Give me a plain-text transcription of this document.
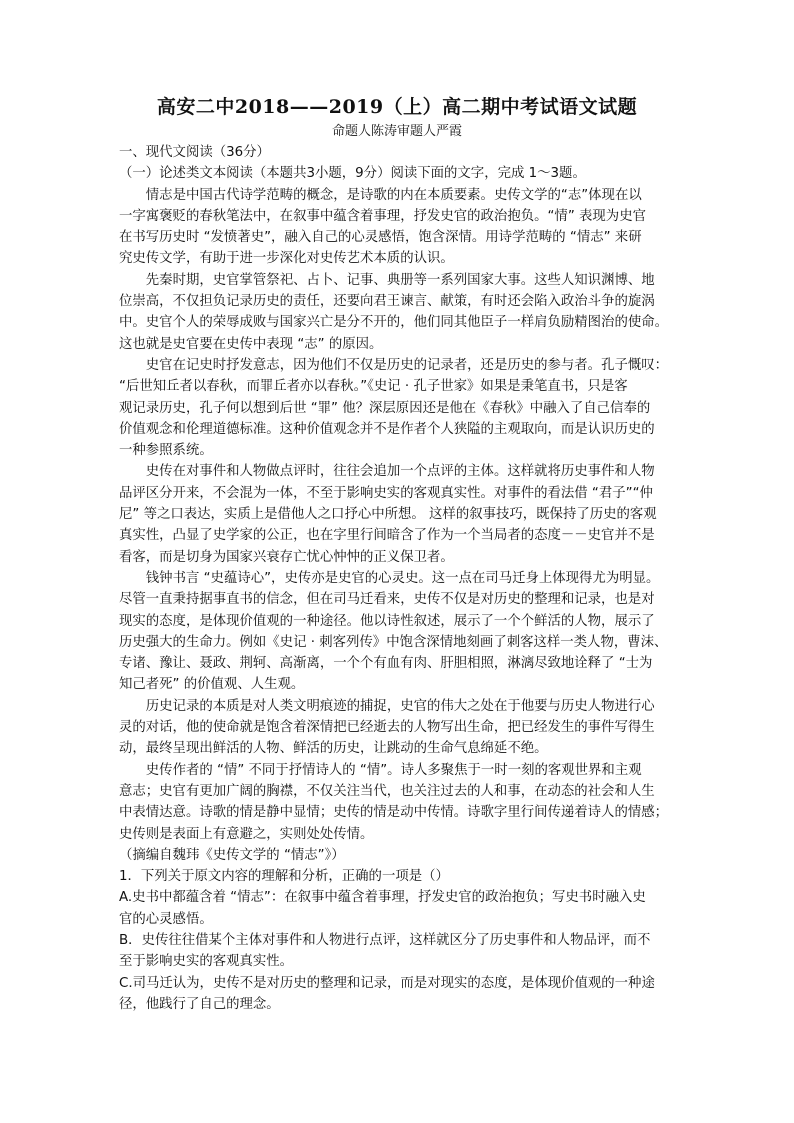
高安二中2018——2019（上）高二期中考试语文试题
命题人陈涛审题人严霞
一、现代文阅读（36分）
（一）论述类文本阅读（本题共3小题，9分）阅读下面的文字，完成 1～3题。
情志是中国古代诗学范畴的概念，是诗歌的内在本质要素。史传文学的“志”体现在以
一字寓褒贬的春秋笔法中，在叙事中蕴含着事理，抒发史官的政治抱负。“情” 表现为史官
在书写历史时 “发愤著史”，融入自己的心灵感悟，饱含深情。用诗学范畴的 “情志” 来研
究史传文学，有助于进一步深化对史传艺术本质的认识。
先秦时期，史官掌管祭祀、占卜、记事、典册等一系列国家大事。这些人知识渊博、地
位崇高，不仅担负记录历史的责任，还要向君王谏言、献策，有时还会陷入政治斗争的旋涡
中。史官个人的荣辱成败与国家兴亡是分不开的，他们同其他臣子一样肩负励精图治的使命。
这也就是史官要在史传中表现 “志” 的原因。
史官在记史时抒发意志，因为他们不仅是历史的记录者，还是历史的参与者。孔子慨叹：
“后世知丘者以春秋，而罪丘者亦以春秋。”《史记 · 孔子世家》如果是秉笔直书，只是客
观记录历史，孔子何以想到后世 “罪” 他？深层原因还是他在《春秋》中融入了自己信奉的
价值观念和伦理道德标准。这种价值观念并不是作者个人狭隘的主观取向，而是认识历史的
一种参照系统。
史传在对事件和人物做点评时，往往会追加一个点评的主体。这样就将历史事件和人物
品评区分开来，不会混为一体，不至于影响史实的客观真实性。对事件的看法借 “君子”“仲
尼” 等之口表达，实质上是借他人之口抒心中所想。 这样的叙事技巧，既保持了历史的客观
真实性，凸显了史学家的公正，也在字里行间暗含了作为一个当局者的态度－－史官并不是
看客，而是切身为国家兴衰存亡忧心忡忡的正义保卫者。
钱钟书言 “史蕴诗心”，史传亦是史官的心灵史。这一点在司马迁身上体现得尤为明显。
尽管一直秉持据事直书的信念，但在司马迁看来，史传不仅是对历史的整理和记录，也是对
现实的态度，是体现价值观的一种途径。他以诗性叙述，展示了一个个鲜活的人物，展示了
历史强大的生命力。例如《史记 · 刺客列传》中饱含深情地刻画了刺客这样一类人物，曹沫、
专诸、豫让、聂政、荆轲、高渐离，一个个有血有肉、肝胆相照，淋漓尽致地诠释了 “士为
知己者死” 的价值观、人生观。
历史记录的本质是对人类文明痕迹的捕捉，史官的伟大之处在于他要与历史人物进行心
灵的对话，他的使命就是饱含着深情把已经逝去的人物写出生命，把已经发生的事件写得生
动，最终呈现出鲜活的人物、鲜活的历史，让跳动的生命气息绵延不绝。
史传作者的 “情” 不同于抒情诗人的 “情”。诗人多聚焦于一时一刻的客观世界和主观
意志；史官有更加广阔的胸襟，不仅关注当代，也关注过去的人和事，在动态的社会和人生
中表情达意。诗歌的情是静中显情；史传的情是动中传情。诗歌字里行间传递着诗人的情感；
史传则是表面上有意避之，实则处处传情。
（摘编自魏玮《史传文学的 “情志”》）
1．下列关于原文内容的理解和分析，正确的一项是（）
A.史书中都蕴含着 “情志”：在叙事中蕴含着事理，抒发史官的政治抱负；写史书时融入史
官的心灵感悟。
B．史传往往借某个主体对事件和人物进行点评，这样就区分了历史事件和人物品评，而不
至于影响史实的客观真实性。
C.司马迁认为，史传不是对历史的整理和记录，而是对现实的态度，是体现价值观的一种途
径，他践行了自己的理念。
